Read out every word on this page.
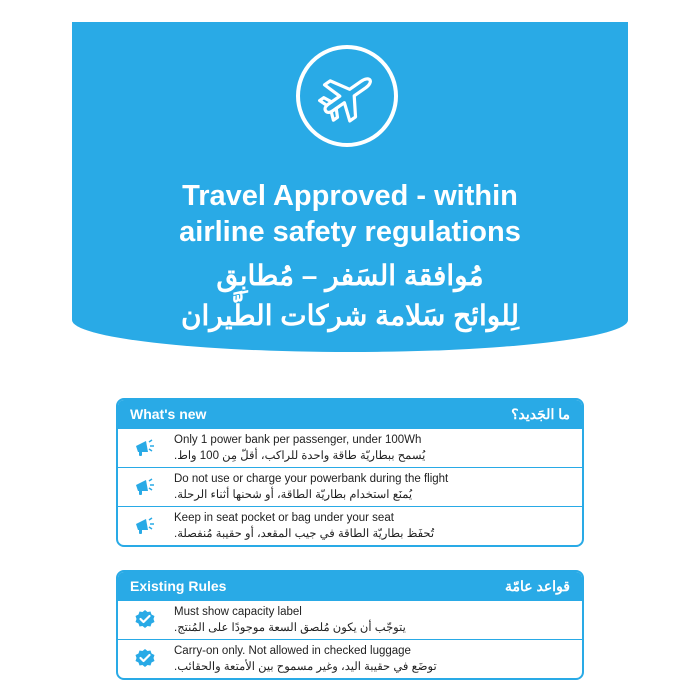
Travel Approved - within
airline safety regulations
مُوافقة السَفر – مُطابِق
لِلوائح سَلامة شركات الطَّيران
What's new	ما الجَديد؟
Only 1 power bank per passenger, under 100Wh
يُسمح ببطاريّة طاقة واحدة للراكب، أقلّ مِن 100 واط.
Do not use or charge your powerbank during the flight
يُمنَع استخدام بطاريّة الطاقة، أو شحنها أثناء الرحلة.
Keep in seat pocket or bag under your seat
تُحفَظ بطاريّة الطاقة في جيب المقعد، أو حقيبة مُنفصلة.
Existing Rules	قواعد عامّة
Must show capacity label
يتوجّب أن يكون مُلصق السعة موجودًا على المُنتج.
Carry-on only. Not allowed in checked luggage
توضَع في حقيبة اليد، وغير مسموح بين الأمتعة والحقائب.
